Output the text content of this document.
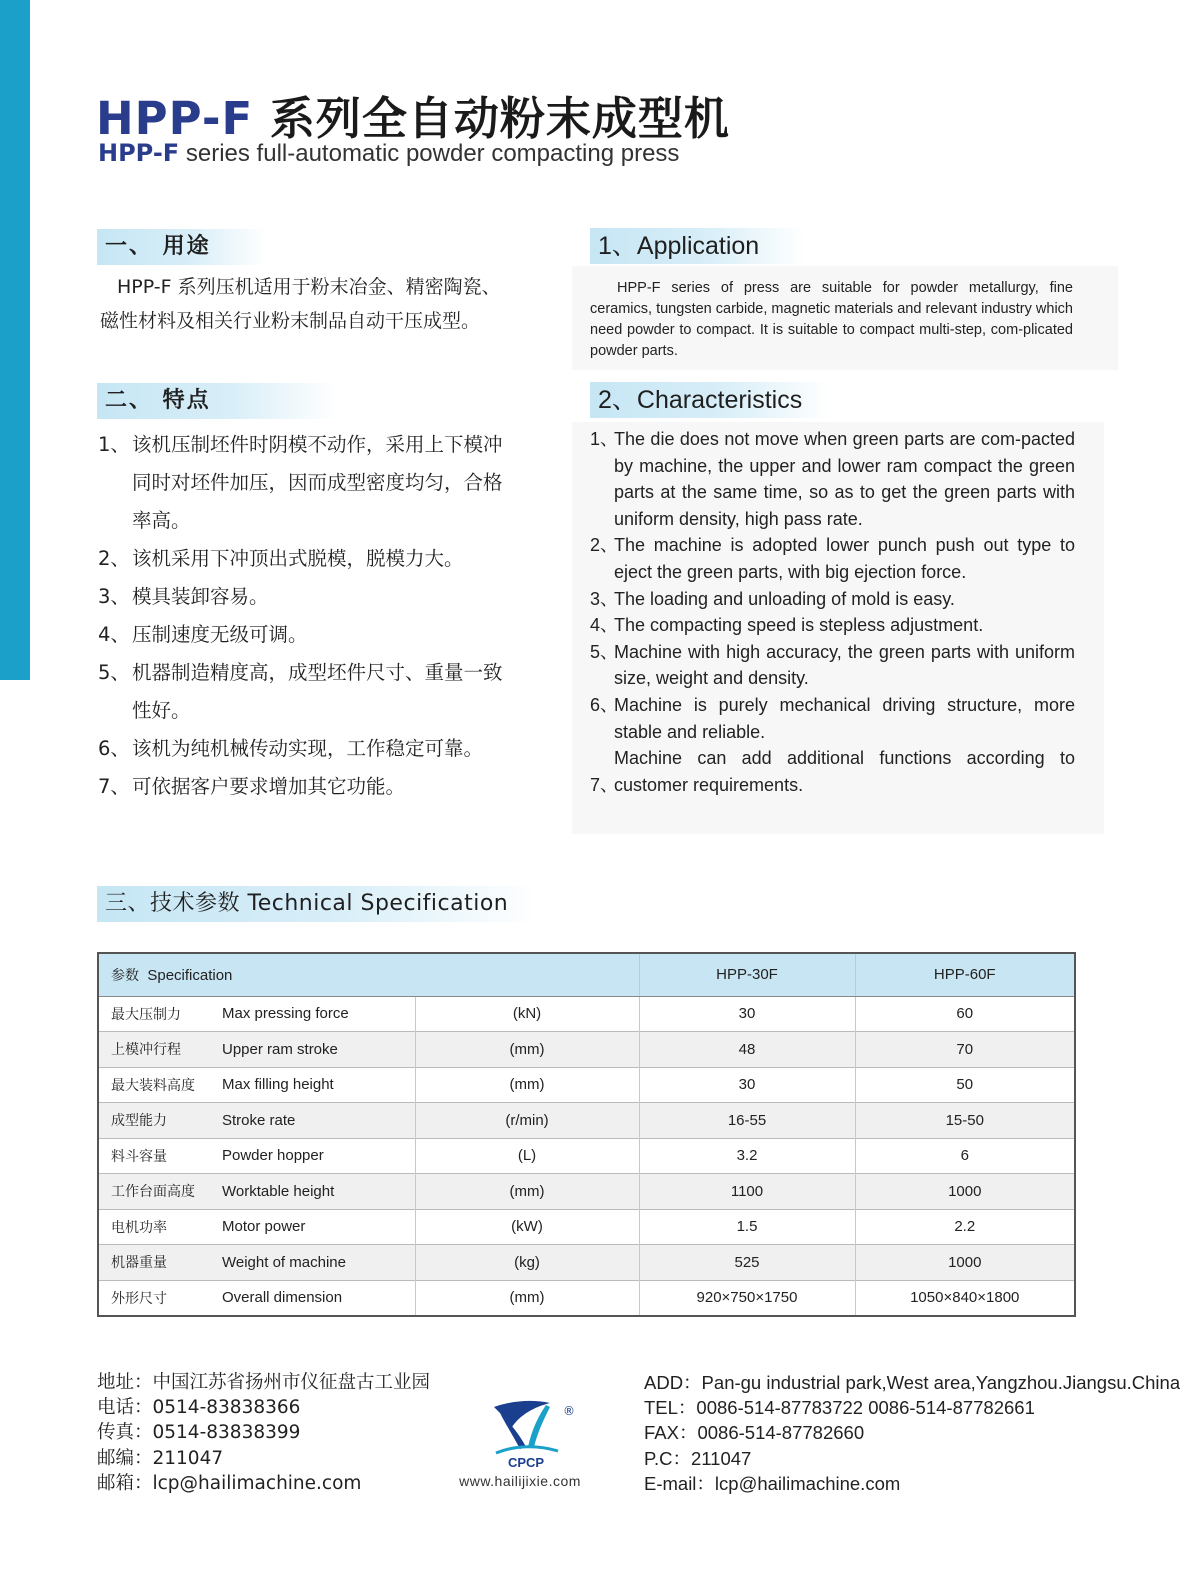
HPP-F 系列全自动粉末成型机
HPP-F series full-automatic powder compacting press
一、 用途
HPP-F 系列压机适用于粉末冶金、精密陶瓷、磁性材料及相关行业粉末制品自动干压成型。
1、Application
HPP-F series of press are suitable for powder metallurgy, fine ceramics, tungsten carbide, magnetic materials and relevant industry which need powder to compact. It is suitable to compact multi-step, com-plicated powder parts.
二、 特点	2、Characteristics
1、 该机压制坯件时阴模不动作，采用上下模冲同时对坯件加压，因而成型密度均匀，合格率高。
2、 该机采用下冲顶出式脱模，脱模力大。
3、 模具装卸容易。
4、 压制速度无级可调。
5、 机器制造精度高，成型坯件尺寸、重量一致性好。
6、 该机为纯机械传动实现，工作稳定可靠。
7、 可依据客户要求增加其它功能。
1、
The die does not move when green parts are com-pacted by machine, the upper and lower ram compact the green parts at the same time, so as to get the green parts with uniform density, high pass rate.
2、
The machine is adopted lower punch push out type to eject the green parts, with big ejection force.
3、
The loading and unloading of mold is easy.
4、
The compacting speed is stepless adjustment.
5、
Machine with high accuracy, the green parts with uniform size, weight and density.
6、
Machine is purely mechanical driving structure, more stable and reliable.
7、
Machine can add additional functions according to customer requirements.
三、技术参数 Technical Specification
参数 Specification			HPP-30F	HPP-60F
最大压制力	Max pressing force	(kN)	30	60
上模冲行程	Upper ram stroke	(mm)	48	70
最大装料高度	Max filling height	(mm)	30	50
成型能力	Stroke rate	(r/min)	16-55	15-50
料斗容量	Powder hopper	(L)	3.2	6
工作台面高度	Worktable height	(mm)	1100	1000
电机功率	Motor power	(kW)	1.5	2.2
机器重量	Weight of machine	(kg)	525	1000
外形尺寸	Overall dimension	(mm)	920×750×1750	1050×840×1800
地址：中国江苏省扬州市仪征盘古工业园
电话：0514-83838366
传真：0514-83838399
邮编：211047
邮箱：lcp@hailimachine.com
CPCP
®
www.hailijixie.com
ADD：Pan-gu industrial park,West area,Yangzhou.Jiangsu.China
TEL：0086-514-87783722 0086-514-87782661
FAX：0086-514-87782660
P.C：211047
E-mail：lcp@hailimachine.com
